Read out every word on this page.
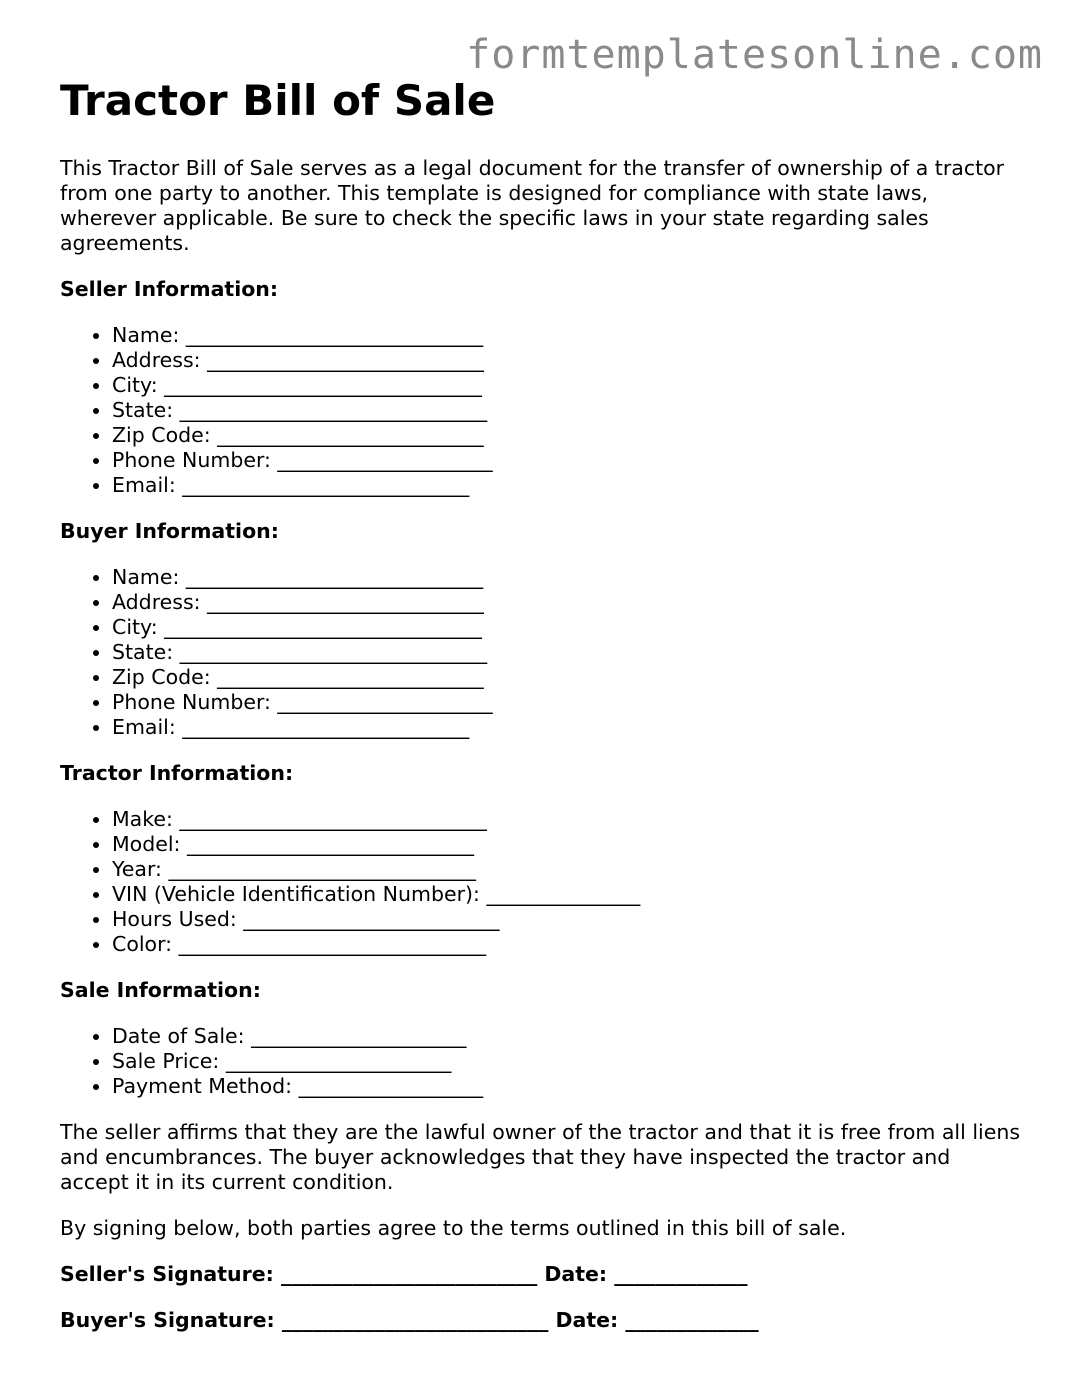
formtemplatesonline.com
Tractor Bill of Sale

This Tractor Bill of Sale serves as a legal document for the transfer of ownership of a tractor from one party to another. This template is designed for compliance with state laws, wherever applicable. Be sure to check the specific laws in your state regarding sales agreements.

Seller Information:
• Name: _____________________________
• Address: ___________________________
• City: _______________________________
• State: ______________________________
• Zip Code: __________________________
• Phone Number: _____________________
• Email: ____________________________
Buyer Information:
• Name: _____________________________
• Address: ___________________________
• City: _______________________________
• State: ______________________________
• Zip Code: __________________________
• Phone Number: _____________________
• Email: ____________________________
Tractor Information:
• Make: ______________________________
• Model: ____________________________
• Year: ______________________________
• VIN (Vehicle Identification Number): _______________
• Hours Used: _________________________
• Color: ______________________________
Sale Information:
• Date of Sale: _____________________
• Sale Price: ______________________
• Payment Method: __________________

The seller affirms that they are the lawful owner of the tractor and that it is free from all liens and encumbrances. The buyer acknowledges that they have inspected the tractor and accept it in its current condition.

By signing below, both parties agree to the terms outlined in this bill of sale.

Seller's Signature: _________________________ Date: _____________
Buyer's Signature: __________________________ Date: _____________
